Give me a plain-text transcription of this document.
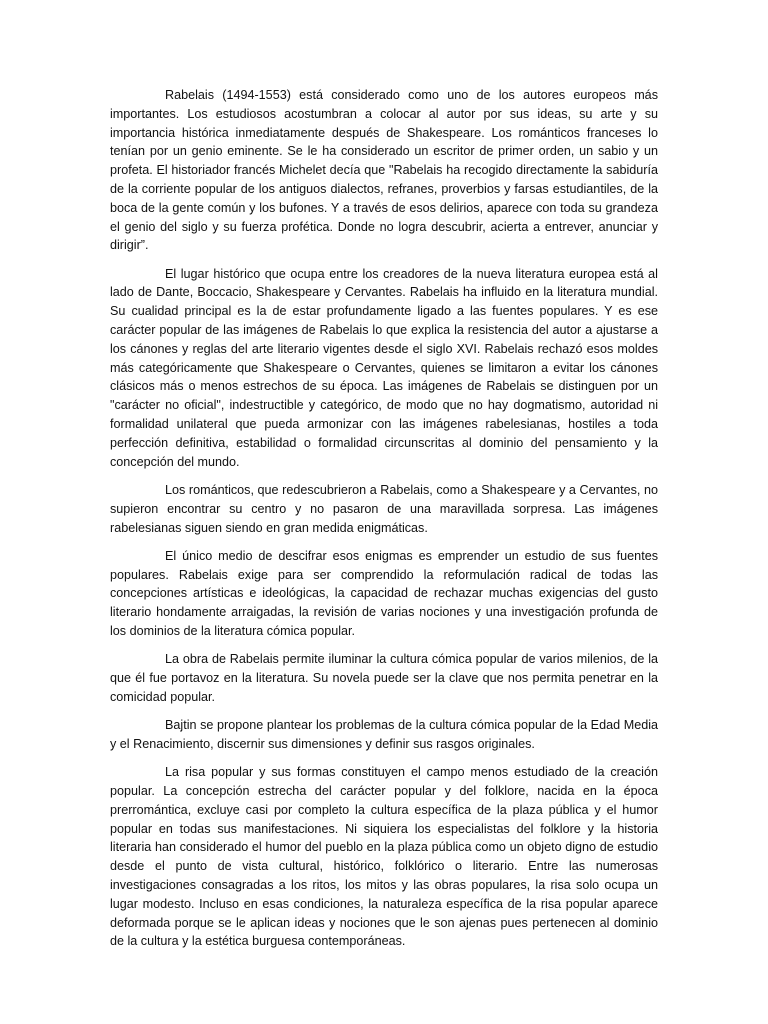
Rabelais (1494-1553) está considerado como uno de los autores europeos más importantes. Los estudiosos acostumbran a colocar al autor por sus ideas, su arte y su importancia histórica inmediatamente después de Shakespeare. Los románticos franceses lo tenían por un genio eminente. Se le ha considerado un escritor de primer orden, un sabio y un profeta. El historiador francés Michelet decía que "Rabelais ha recogido directamente la sabiduría de la corriente popular de los antiguos dialectos, refranes, proverbios y farsas estudiantiles, de la boca de la gente común y los bufones. Y a través de esos delirios, aparece con toda su grandeza el genio del siglo y su fuerza profética. Donde no logra descubrir, acierta a entrever, anunciar y dirigir”.

El lugar histórico que ocupa entre los creadores de la nueva literatura europea está al lado de Dante, Boccacio, Shakespeare y Cervantes. Rabelais ha influido en la literatura mundial. Su cualidad principal es la de estar profundamente ligado a las fuentes populares. Y es ese carácter popular de las imágenes de Rabelais lo que explica la resistencia del autor a ajustarse a los cánones y reglas del arte literario vigentes desde el siglo XVI. Rabelais rechazó esos moldes más categóricamente que Shakespeare o Cervantes, quienes se limitaron a evitar los cánones clásicos más o menos estrechos de su época. Las imágenes de Rabelais se distinguen por un "carácter no oficial", indestructible y categórico, de modo que no hay dogmatismo, autoridad ni formalidad unilateral que pueda armonizar con las imágenes rabelesianas, hostiles a toda perfección definitiva, estabilidad o formalidad circunscritas al dominio del pensamiento y la concepción del mundo.

Los románticos, que redescubrieron a Rabelais, como a Shakespeare y a Cervantes, no supieron encontrar su centro y no pasaron de una maravillada sorpresa. Las imágenes rabelesianas siguen siendo en gran medida enigmáticas.

El único medio de descifrar esos enigmas es emprender un estudio de sus fuentes populares. Rabelais exige para ser comprendido la reformulación radical de todas las concepciones artísticas e ideológicas, la capacidad de rechazar muchas exigencias del gusto literario hondamente arraigadas, la revisión de varias nociones y una investigación profunda de los dominios de la literatura cómica popular.

La obra de Rabelais permite iluminar la cultura cómica popular de varios milenios, de la que él fue portavoz en la literatura. Su novela puede ser la clave que nos permita penetrar en la comicidad popular.

Bajtin se propone plantear los problemas de la cultura cómica popular de la Edad Media y el Renacimiento, discernir sus dimensiones y definir sus rasgos originales.

La risa popular y sus formas constituyen el campo menos estudiado de la creación popular. La concepción estrecha del carácter popular y del folklore, nacida en la época prerromántica, excluye casi por completo la cultura específica de la plaza pública y el humor popular en todas sus manifestaciones. Ni siquiera los especialistas del folklore y la historia literaria han considerado el humor del pueblo en la plaza pública como un objeto digno de estudio desde el punto de vista cultural, histórico, folklórico o literario. Entre las numerosas investigaciones consagradas a los ritos, los mitos y las obras populares, la risa solo ocupa un lugar modesto. Incluso en esas condiciones, la naturaleza específica de la risa popular aparece deformada porque se le aplican ideas y nociones que le son ajenas pues pertenecen al dominio de la cultura y la estética burguesa contemporáneas.
